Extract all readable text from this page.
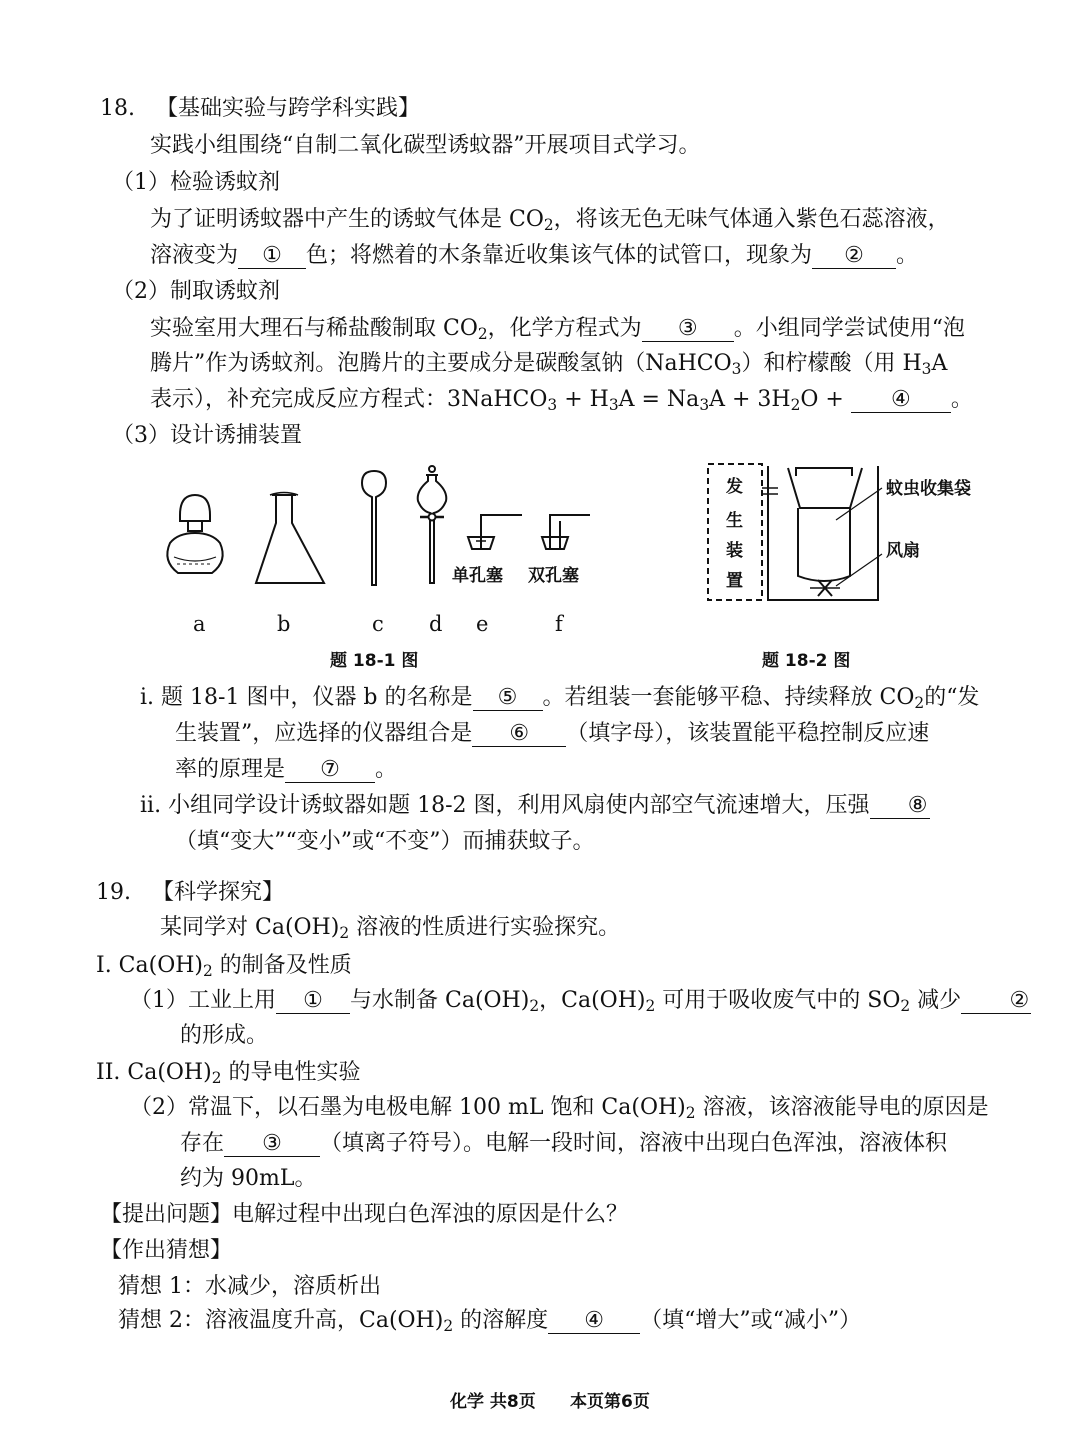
18. 【基础实验与跨学科实践】
实践小组围绕“自制二氧化碳型诱蚊器”开展项目式学习。
（1）检验诱蚊剂
为了证明诱蚊器中产生的诱蚊气体是 $CO_2$，将该无色无味气体通入紫色石蕊溶液，
溶液变为 ① 色；将燃着的木条靠近收集该气体的试管口，现象为 ② 。
（2）制取诱蚊剂
实验室用大理石与稀盐酸制取 $CO_2$，化学方程式为 ③ 。小组同学尝试使用“泡
腾片”作为诱蚊剂。泡腾片的主要成分是碳酸氢钠（NaHCO$_3$）和柠檬酸（用 $H_3A$
表示），补充完成反应方程式：3NaHCO$_3$ + $H_3A = Na_3A + 3H_2O$ + ④ 。
（3）设计诱捕装置
单孔塞 双孔塞
a	b	c d e	f
题 18-1 图
发
生
装
置
蚊虫收集袋
风扇
题 18-2 图
i. 题 18-1 图中，仪器 b 的名称是 ⑤ 。若组装一套能够平稳、持续释放 $CO_2$的“发
生装置”，应选择的仪器组合是 ⑥ （填字母），该装置能平稳控制反应速
率的原理是 ⑦ 。
ii. 小组同学设计诱蚊器如题 18-2 图，利用风扇使内部空气流速增大，压强 ⑧
（填“变大”“变小”或“不变”）而捕获蚊子。
19. 【科学探究】
某同学对 $Ca(OH)_2$ 溶液的性质进行实验探究。
I. $Ca(OH)_2$ 的制备及性质
（1）工业上用 ① 与水制备 $Ca(OH)_2$，$Ca(OH)_2$ 可用于吸收废气中的 $SO_2$ 减少 ②
的形成。
II. $Ca(OH)_2$ 的导电性实验
（2）常温下，以石墨为电极电解 100 mL 饱和 $Ca(OH)_2$ 溶液，该溶液能导电的原因是
存在 ③ （填离子符号）。电解一段时间，溶液中出现白色浑浊，溶液体积
约为 90mL。
【提出问题】电解过程中出现白色浑浊的原因是什么？
【作出猜想】
猜想 1：水减少，溶质析出
猜想 2：溶液温度升高，$Ca(OH)_2$ 的溶解度 ④ （填“增大”或“减小”）
化学 共8页 本页第6页
